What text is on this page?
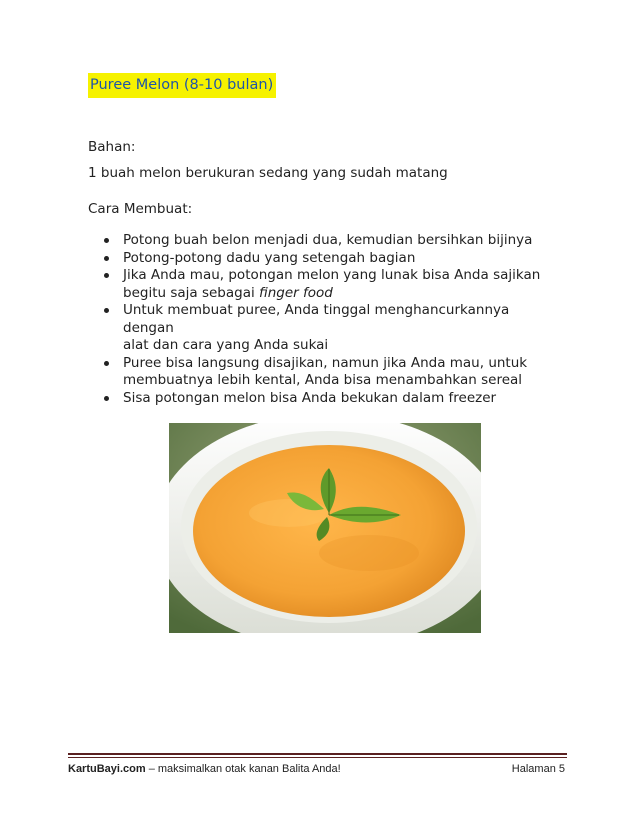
Puree Melon (8-10 bulan)

Bahan:

1 buah melon berukuran sedang yang sudah matang

Cara Membuat:

Potong buah belon menjadi dua, kemudian bersihkan bijinya
Potong-potong dadu yang setengah bagian
Jika Anda mau, potongan melon yang lunak bisa Anda sajikan
begitu saja sebagai finger food
Untuk membuat puree, Anda tinggal menghancurkannya dengan
alat dan cara yang Anda sukai
Puree bisa langsung disajikan, namun jika Anda mau, untuk
membuatnya lebih kental, Anda bisa menambahkan sereal
Sisa potongan melon bisa Anda bekukan dalam freezer
KartuBayi.com – maksimalkan otak kanan Balita Anda!	Halaman 5
